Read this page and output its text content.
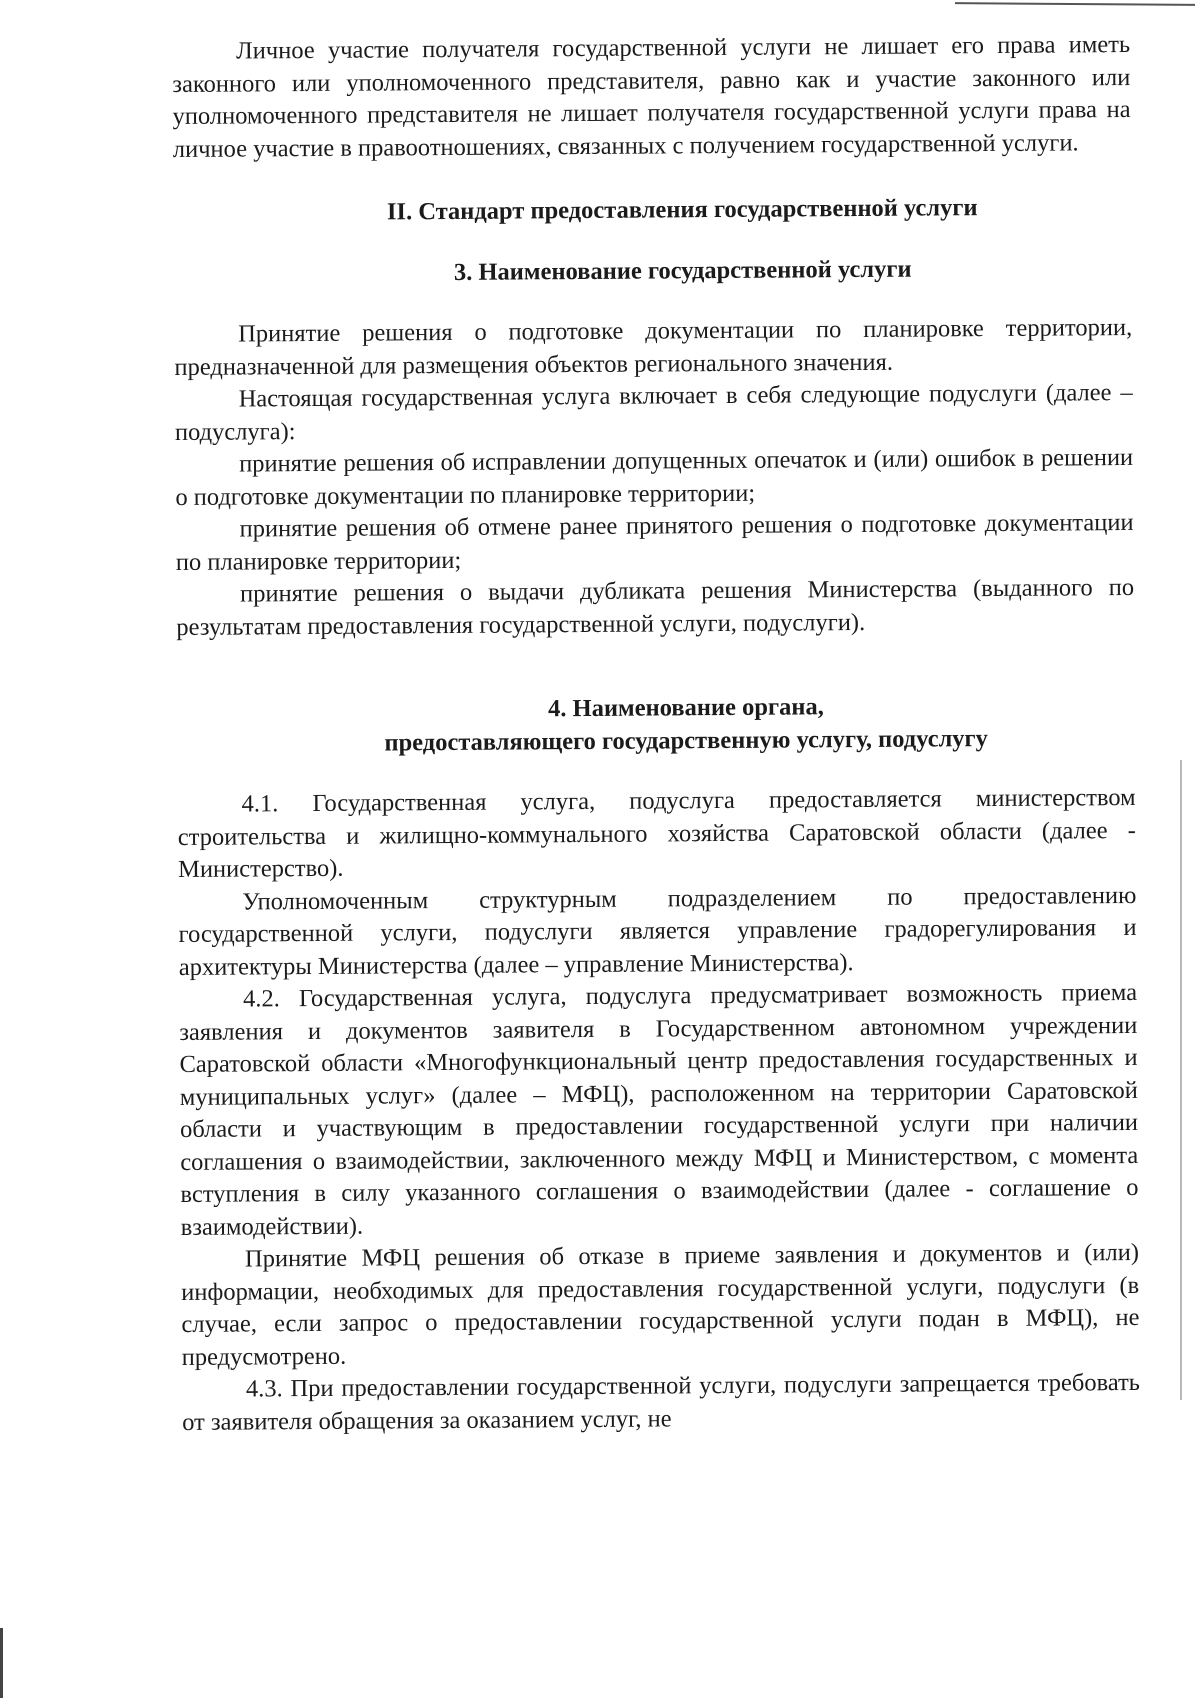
Личное участие получателя государственной услуги не лишает его права иметь законного или уполномоченного представителя, равно как и участие законного или уполномоченного представителя не лишает получателя государственной услуги права на личное участие в правоотношениях, связанных с получением государственной услуги.

II. Стандарт предоставления государственной услуги
3. Наименование государственной услуги

Принятие решения о подготовке документации по планировке территории, предназначенной для размещения объектов регионального значения.

Настоящая государственная услуга включает в себя следующие подуслуги (далее – подуслуга):

принятие решения об исправлении допущенных опечаток и (или) ошибок в решении о подготовке документации по планировке территории;

принятие решения об отмене ранее принятого решения о подготовке документации по планировке территории;

принятие решения о выдачи дубликата решения Министерства (выданного по результатам предоставления государственной услуги, подуслуги).

4. Наименование органа,
предоставляющего государственную услугу, подуслугу

4.1. Государственная услуга, подуслуга предоставляется министерством строительства и жилищно-коммунального хозяйства Саратовской области (далее - Министерство).

Уполномоченным структурным подразделением по предоставлению государственной услуги, подуслуги является управление градорегулирования и архитектуры Министерства (далее – управление Министерства).

4.2. Государственная услуга, подуслуга предусматривает возможность приема заявления и документов заявителя в Государственном автономном учреждении Саратовской области «Многофункциональный центр предоставления государственных и муниципальных услуг» (далее – МФЦ), расположенном на территории Саратовской области и участвующим в предоставлении государственной услуги при наличии соглашения о взаимодействии, заключенного между МФЦ и Министерством, с момента вступления в силу указанного соглашения о взаимодействии (далее - соглашение о взаимодействии).

Принятие МФЦ решения об отказе в приеме заявления и документов и (или) информации, необходимых для предоставления государственной услуги, подуслуги (в случае, если запрос о предоставлении государственной услуги подан в МФЦ), не предусмотрено.

4.3. При предоставлении государственной услуги, подуслуги запрещается требовать от заявителя обращения за оказанием услуг, не
